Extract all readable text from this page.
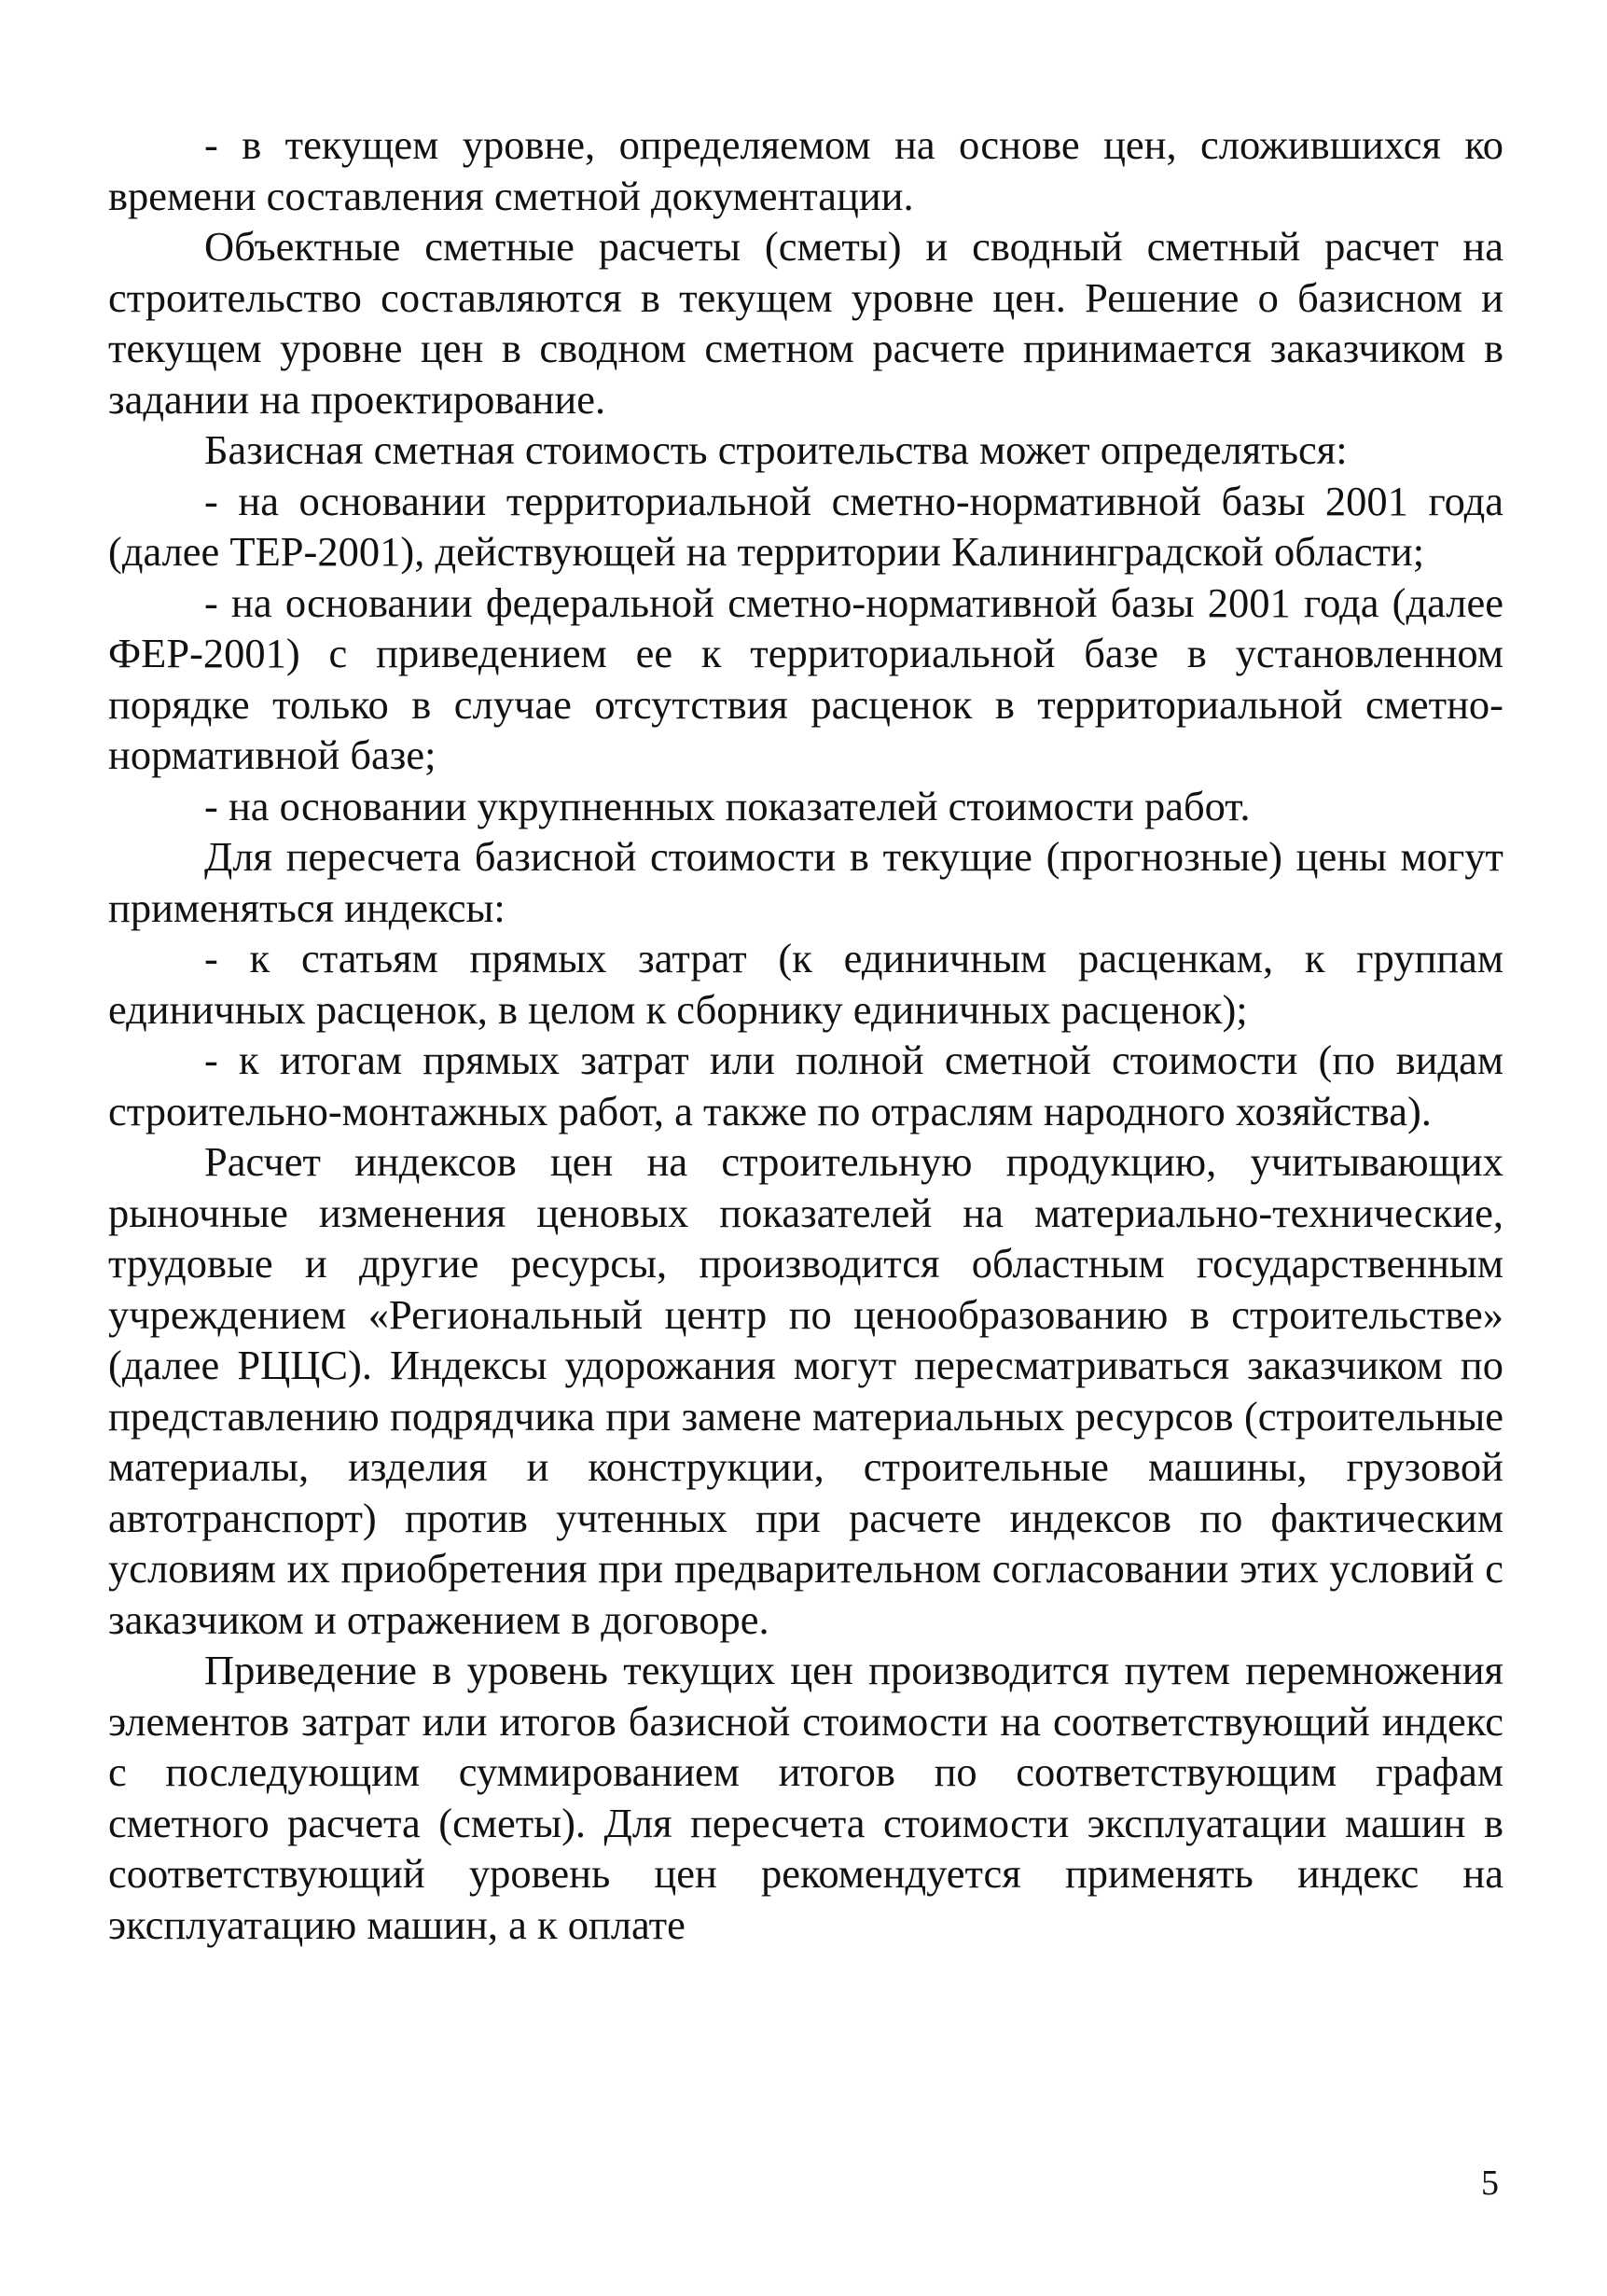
- в текущем уровне, определяемом на основе цен, сложившихся ко времени составления сметной документации.

Объектные сметные расчеты (сметы) и сводный сметный расчет на строительство составляются в текущем уровне цен. Решение о базисном и текущем уровне цен в сводном сметном расчете принимается заказчиком в задании на проектирование.

Базисная сметная стоимость строительства может определяться:

- на основании территориальной сметно-нормативной базы 2001 года (далее ТЕР-2001), действующей на территории Калининградской области;

- на основании федеральной сметно-нормативной базы 2001 года (далее ФЕР-2001) с приведением ее к территориальной базе в установленном порядке только в случае отсутствия расценок в территориальной сметно-нормативной базе;

- на основании укрупненных показателей стоимости работ.

Для пересчета базисной стоимости в текущие (прогнозные) цены могут применяться индексы:

- к статьям прямых затрат (к единичным расценкам, к группам единичных расценок, в целом к сборнику единичных расценок);

- к итогам прямых затрат или полной сметной стоимости (по видам строительно-монтажных работ, а также по отраслям народного хозяйства).

Расчет индексов цен на строительную продукцию, учитывающих рыночные изменения ценовых показателей на материально-технические, трудовые и другие ресурсы, производится областным государственным учреждением «Региональный центр по ценообразованию в строительстве» (далее РЦЦС). Индексы удорожания могут пересматриваться заказчиком по представлению подрядчика при замене материальных ресурсов (строительные материалы, изделия и конструкции, строительные машины, грузовой автотранспорт) против учтенных при расчете индексов по фактическим условиям их приобретения при предварительном согласовании этих условий с заказчиком и отражением в договоре.

Приведение в уровень текущих цен производится путем перемножения элементов затрат или итогов базисной стоимости на соответствующий индекс с последующим суммированием итогов по соответствующим графам сметного расчета (сметы). Для пересчета стоимости эксплуатации машин в соответствующий уровень цен рекомендуется применять индекс на эксплуатацию машин, а к оплате

5
